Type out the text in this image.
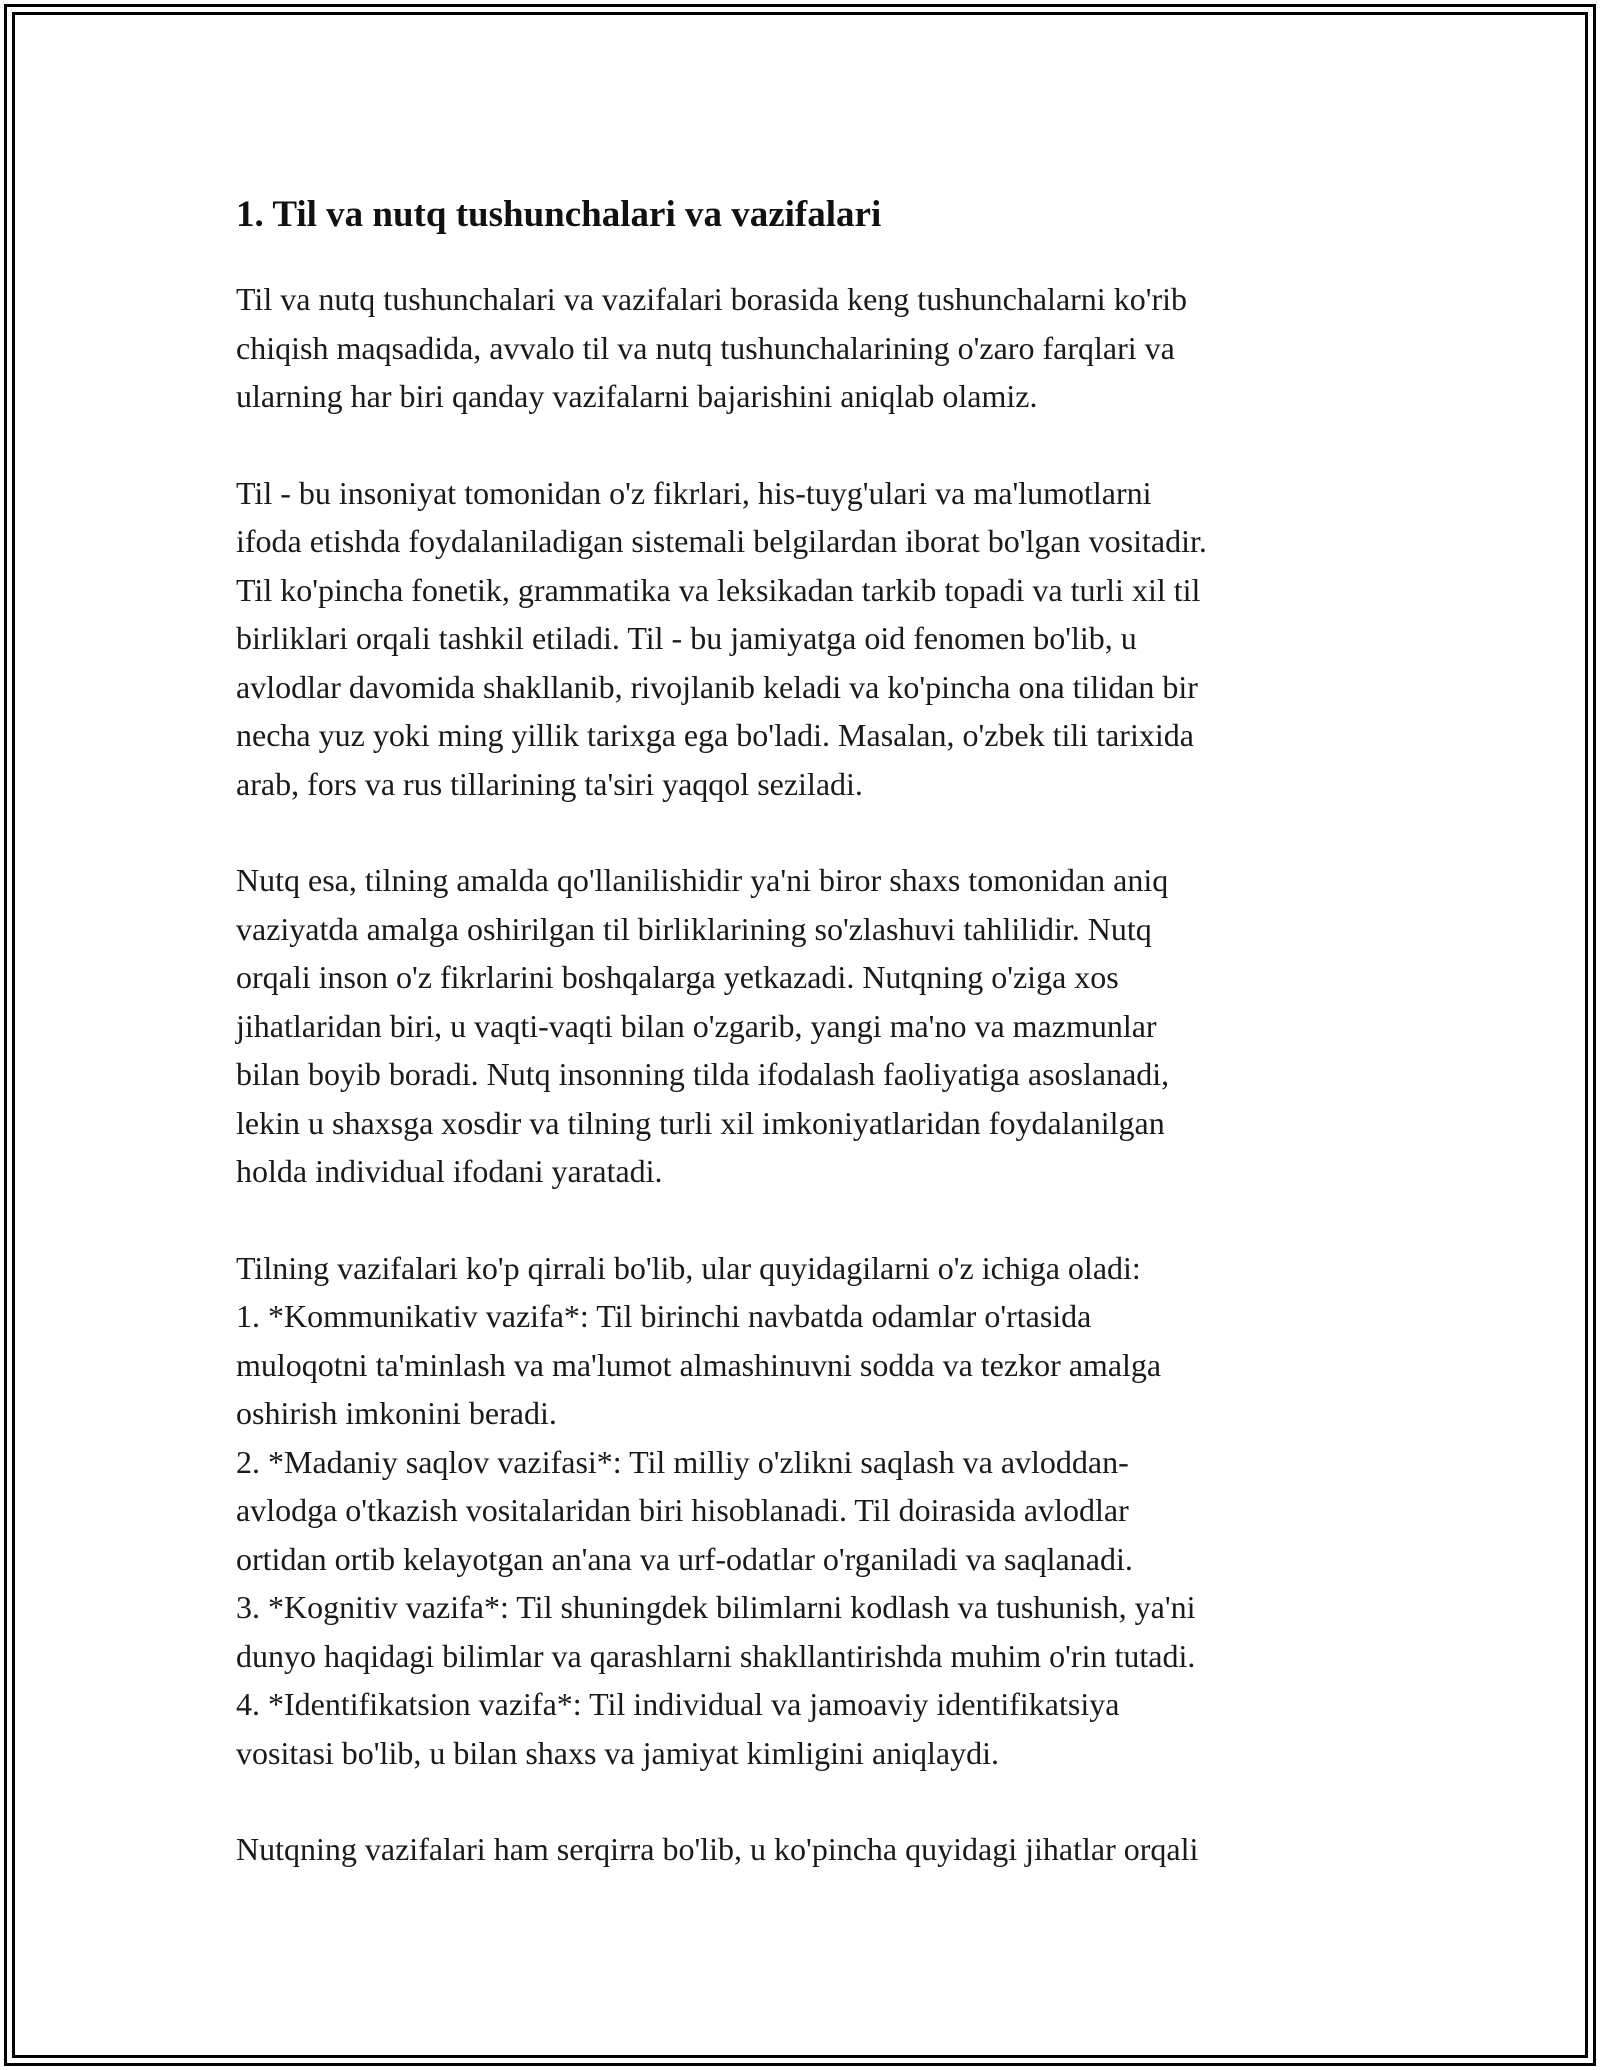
1. Til va nutq tushunchalari va vazifalari
Til va nutq tushunchalari va vazifalari borasida keng tushunchalarni ko'rib
chiqish maqsadida, avvalo til va nutq tushunchalarining o'zaro farqlari va
ularning har biri qanday vazifalarni bajarishini aniqlab olamiz.
Til - bu insoniyat tomonidan o'z fikrlari, his-tuyg'ulari va ma'lumotlarni
ifoda etishda foydalaniladigan sistemali belgilardan iborat bo'lgan vositadir.
Til ko'pincha fonetik, grammatika va leksikadan tarkib topadi va turli xil til
birliklari orqali tashkil etiladi. Til - bu jamiyatga oid fenomen bo'lib, u
avlodlar davomida shakllanib, rivojlanib keladi va ko'pincha ona tilidan bir
necha yuz yoki ming yillik tarixga ega bo'ladi. Masalan, o'zbek tili tarixida
arab, fors va rus tillarining ta'siri yaqqol seziladi.
Nutq esa, tilning amalda qo'llanilishidir ya'ni biror shaxs tomonidan aniq
vaziyatda amalga oshirilgan til birliklarining so'zlashuvi tahlilidir. Nutq
orqali inson o'z fikrlarini boshqalarga yetkazadi. Nutqning o'ziga xos
jihatlaridan biri, u vaqti-vaqti bilan o'zgarib, yangi ma'no va mazmunlar
bilan boyib boradi. Nutq insonning tilda ifodalash faoliyatiga asoslanadi,
lekin u shaxsga xosdir va tilning turli xil imkoniyatlaridan foydalanilgan
holda individual ifodani yaratadi.
Tilning vazifalari ko'p qirrali bo'lib, ular quyidagilarni o'z ichiga oladi:
1. *Kommunikativ vazifa*: Til birinchi navbatda odamlar o'rtasida
muloqotni ta'minlash va ma'lumot almashinuvni sodda va tezkor amalga
oshirish imkonini beradi.
2. *Madaniy saqlov vazifasi*: Til milliy o'zlikni saqlash va avloddan-
avlodga o'tkazish vositalaridan biri hisoblanadi. Til doirasida avlodlar
ortidan ortib kelayotgan an'ana va urf-odatlar o'rganiladi va saqlanadi.
3. *Kognitiv vazifa*: Til shuningdek bilimlarni kodlash va tushunish, ya'ni
dunyo haqidagi bilimlar va qarashlarni shakllantirishda muhim o'rin tutadi.
4. *Identifikatsion vazifa*: Til individual va jamoaviy identifikatsiya
vositasi bo'lib, u bilan shaxs va jamiyat kimligini aniqlaydi.
Nutqning vazifalari ham serqirra bo'lib, u ko'pincha quyidagi jihatlar orqali
